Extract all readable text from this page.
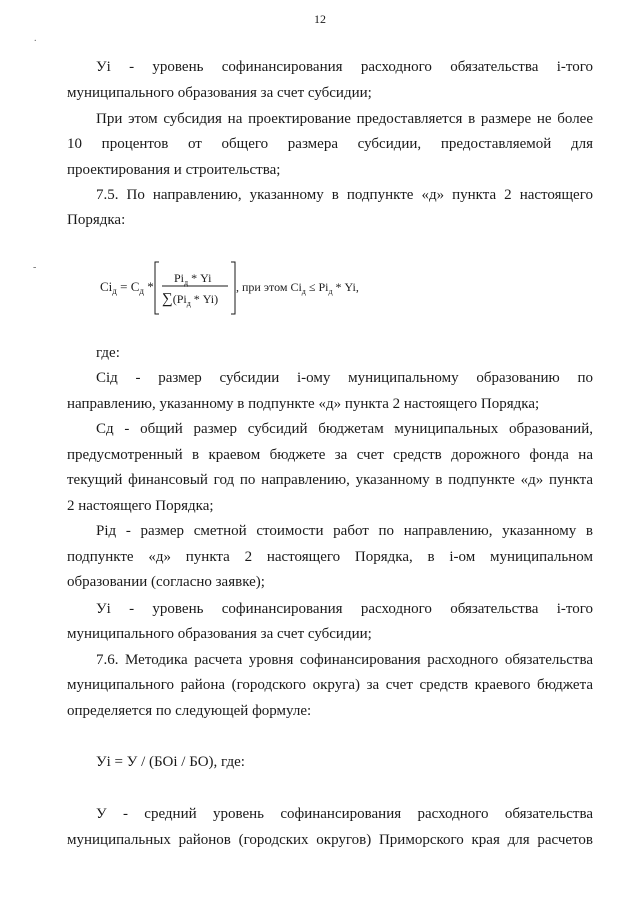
12
.
-
Уi - уровень софинансирования расходного обязательства i-того
муниципального образования за счет субсидии;
При этом субсидия на проектирование предоставляется в размере не более
10 процентов от общего размера субсидии, предоставляемой для
проектирования и строительства;
7.5. По направлению, указанному в подпункте «д» пункта 2 настоящего
Порядка:
$Ci_д = С_д$ *
$Pi_д$ * Yi
$\sum(Pi_д * Yi)$
, при этом $Ci_д \le Pi_д * Yi$,
где:
Ciд - размер субсидии i-ому муниципальному образованию по
направлению, указанному в подпункте «д» пункта 2 настоящего Порядка;
Сд - общий размер субсидий бюджетам муниципальных образований,
предусмотренный в краевом бюджете за счет средств дорожного фонда на
текущий финансовый год по направлению, указанному в подпункте «д» пункта
2 настоящего Порядка;
Piд - размер сметной стоимости работ по направлению, указанному в
подпункте «д» пункта 2 настоящего Порядка, в i-ом муниципальном
образовании (согласно заявке);
Уi - уровень софинансирования расходного обязательства i-того
муниципального образования за счет субсидии;
7.6. Методика расчета уровня софинансирования расходного обязательства
муниципального района (городского округа) за счет средств краевого бюджета
определяется по следующей формуле:
Уi = У / (БОi / БО), где:
У - средний уровень софинансирования расходного обязательства
муниципальных районов (городских округов) Приморского края для расчетов
